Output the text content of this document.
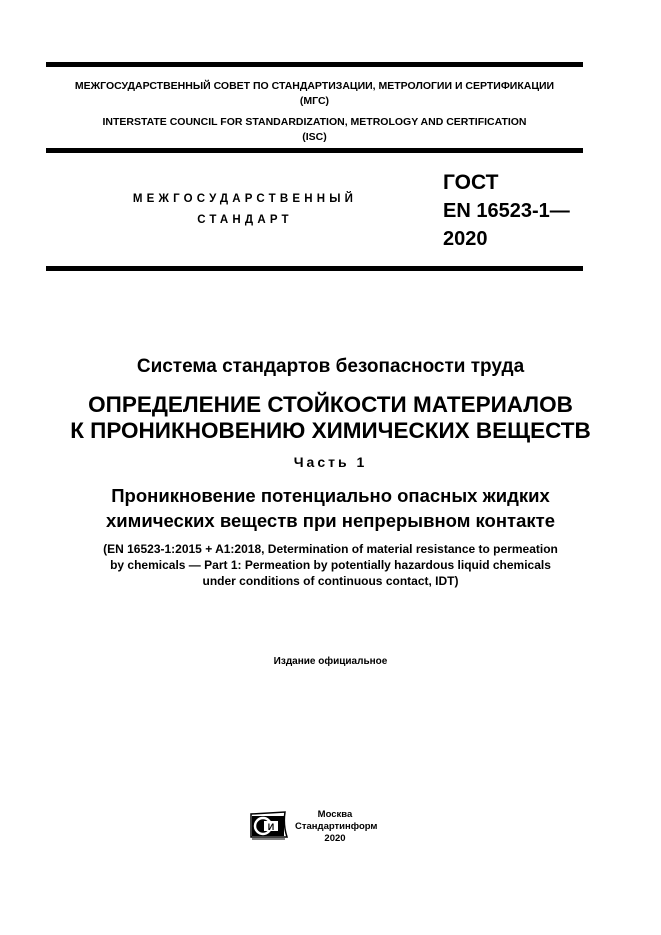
МЕЖГОСУДАРСТВЕННЫЙ СОВЕТ ПО СТАНДАРТИЗАЦИИ, МЕТРОЛОГИИ И СЕРТИФИКАЦИИ
(МГС)
INTERSTATE COUNCIL FOR STANDARDIZATION, METROLOGY AND CERTIFICATION
(ISC)
МЕЖГОСУДАРСТВЕННЫЙ
СТАНДАРТ
ГОСТ
EN 16523-1—
2020
Система стандартов безопасности труда
ОПРЕДЕЛЕНИЕ СТОЙКОСТИ МАТЕРИАЛОВ
К ПРОНИКНОВЕНИЮ ХИМИЧЕСКИХ ВЕЩЕСТВ
Часть 1
Проникновение потенциально опасных жидких
химических веществ при непрерывном контакте
(EN 16523-1:2015 + A1:2018, Determination of material resistance to permeation
by chemicals — Part 1: Permeation by potentially hazardous liquid chemicals
under conditions of continuous contact, IDT)
Издание официальное
И
Москва
Стандартинформ
2020
